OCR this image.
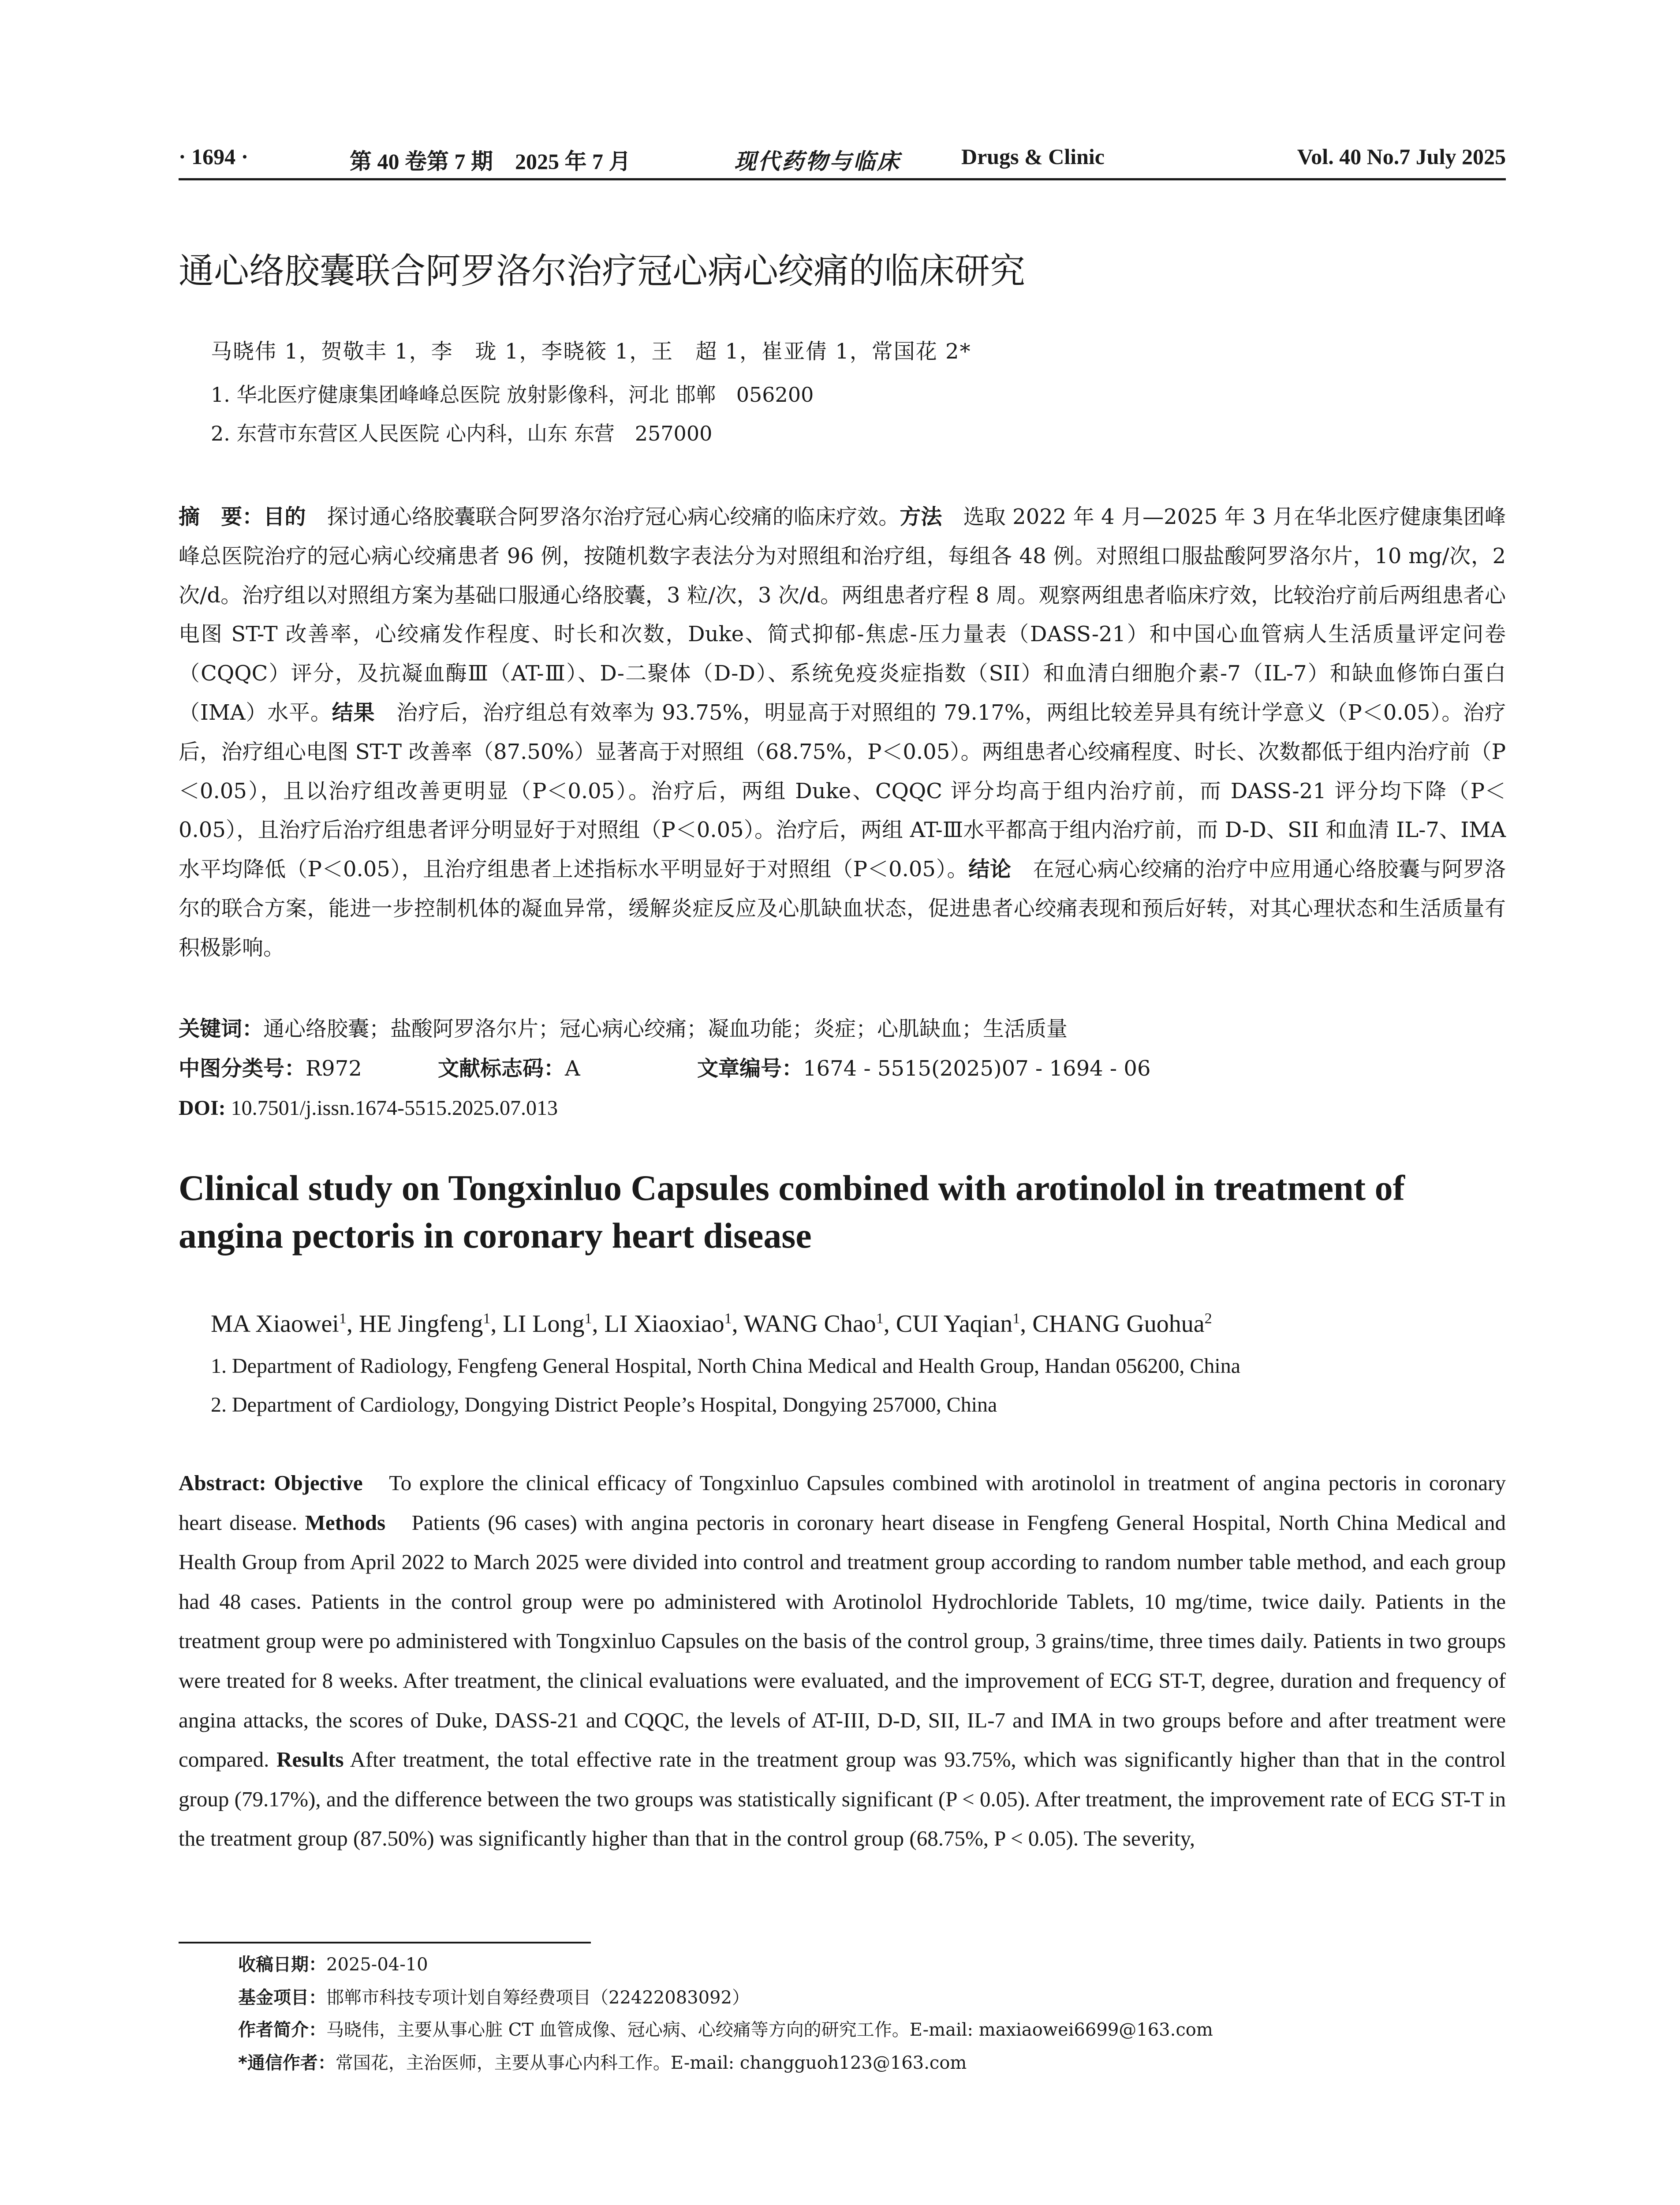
· 1694 ·	第 40 卷第 7 期　2025 年 7 月	现代药物与临床	Drugs & Clinic	Vol. 40 No.7 July 2025
通心络胶囊联合阿罗洛尔治疗冠心病心绞痛的临床研究
马晓伟 1，贺敬丰 1，李　珑 1，李晓筱 1，王　超 1，崔亚倩 1，常国花 2*
1. 华北医疗健康集团峰峰总医院 放射影像科，河北 邯郸　056200
2. 东营市东营区人民医院 心内科，山东 东营　257000

摘　要：目的　探讨通心络胶囊联合阿罗洛尔治疗冠心病心绞痛的临床疗效。方法　选取 2022 年 4 月—2025 年 3 月在华北医疗健康集团峰峰总医院治疗的冠心病心绞痛患者 96 例，按随机数字表法分为对照组和治疗组，每组各 48 例。对照组口服盐酸阿罗洛尔片，10 mg/次，2 次/d。治疗组以对照组方案为基础口服通心络胶囊，3 粒/次，3 次/d。两组患者疗程 8 周。观察两组患者临床疗效，比较治疗前后两组患者心电图 ST-T 改善率，心绞痛发作程度、时长和次数，Duke、简式抑郁-焦虑-压力量表（DASS-21）和中国心血管病人生活质量评定问卷（CQQC）评分，及抗凝血酶Ⅲ（AT-Ⅲ）、D-二聚体（D-D）、系统免疫炎症指数（SII）和血清白细胞介素-7（IL-7）和缺血修饰白蛋白（IMA）水平。结果　治疗后，治疗组总有效率为 93.75%，明显高于对照组的 79.17%，两组比较差异具有统计学意义（P＜0.05）。治疗后，治疗组心电图 ST-T 改善率（87.50%）显著高于对照组（68.75%，P＜0.05）。两组患者心绞痛程度、时长、次数都低于组内治疗前（P＜0.05），且以治疗组改善更明显（P＜0.05）。治疗后，两组 Duke、CQQC 评分均高于组内治疗前，而 DASS-21 评分均下降（P＜0.05），且治疗后治疗组患者评分明显好于对照组（P＜0.05）。治疗后，两组 AT-Ⅲ水平都高于组内治疗前，而 D-D、SII 和血清 IL-7、IMA 水平均降低（P＜0.05），且治疗组患者上述指标水平明显好于对照组（P＜0.05）。结论　在冠心病心绞痛的治疗中应用通心络胶囊与阿罗洛尔的联合方案，能进一步控制机体的凝血异常，缓解炎症反应及心肌缺血状态，促进患者心绞痛表现和预后好转，对其心理状态和生活质量有积极影响。

关键词：通心络胶囊；盐酸阿罗洛尔片；冠心病心绞痛；凝血功能；炎症；心肌缺血；生活质量
中图分类号：R972	文献标志码：A	文章编号：1674 - 5515(2025)07 - 1694 - 06
DOI: 10.7501/j.issn.1674-5515.2025.07.013
Clinical study on Tongxinluo Capsules combined with arotinolol in treatment of angina pectoris in coronary heart disease
MA Xiaowei$^1$, HE Jingfeng$^1$, LI Long$^1$, LI Xiaoxiao$^1$, WANG Chao$^1$, CUI Yaqian$^1$, CHANG Guohua$^2$
1. Department of Radiology, Fengfeng General Hospital, North China Medical and Health Group, Handan 056200, China
2. Department of Cardiology, Dongying District People’s Hospital, Dongying 257000, China

Abstract: Objective　To explore the clinical efficacy of Tongxinluo Capsules combined with arotinolol in treatment of angina pectoris in coronary heart disease. Methods　Patients (96 cases) with angina pectoris in coronary heart disease in Fengfeng General Hospital, North China Medical and Health Group from April 2022 to March 2025 were divided into control and treatment group according to random number table method, and each group had 48 cases. Patients in the control group were po administered with Arotinolol Hydrochloride Tablets, 10 mg/time, twice daily. Patients in the treatment group were po administered with Tongxinluo Capsules on the basis of the control group, 3 grains/time, three times daily. Patients in two groups were treated for 8 weeks. After treatment, the clinical evaluations were evaluated, and the improvement of ECG ST-T, degree, duration and frequency of angina attacks, the scores of Duke, DASS-21 and CQQC, the levels of AT-III, D-D, SII, IL-7 and IMA in two groups before and after treatment were compared. Results After treatment, the total effective rate in the treatment group was 93.75%, which was significantly higher than that in the control group (79.17%), and the difference between the two groups was statistically significant (P < 0.05). After treatment, the improvement rate of ECG ST-T in the treatment group (87.50%) was significantly higher than that in the control group (68.75%, P < 0.05). The severity,

收稿日期：2025-04-10
基金项目：邯郸市科技专项计划自筹经费项目（22422083092）
作者简介：马晓伟，主要从事心脏 CT 血管成像、冠心病、心绞痛等方向的研究工作。E-mail: maxiaowei6699@163.com
*通信作者：常国花，主治医师，主要从事心内科工作。E-mail: changguoh123@163.com
